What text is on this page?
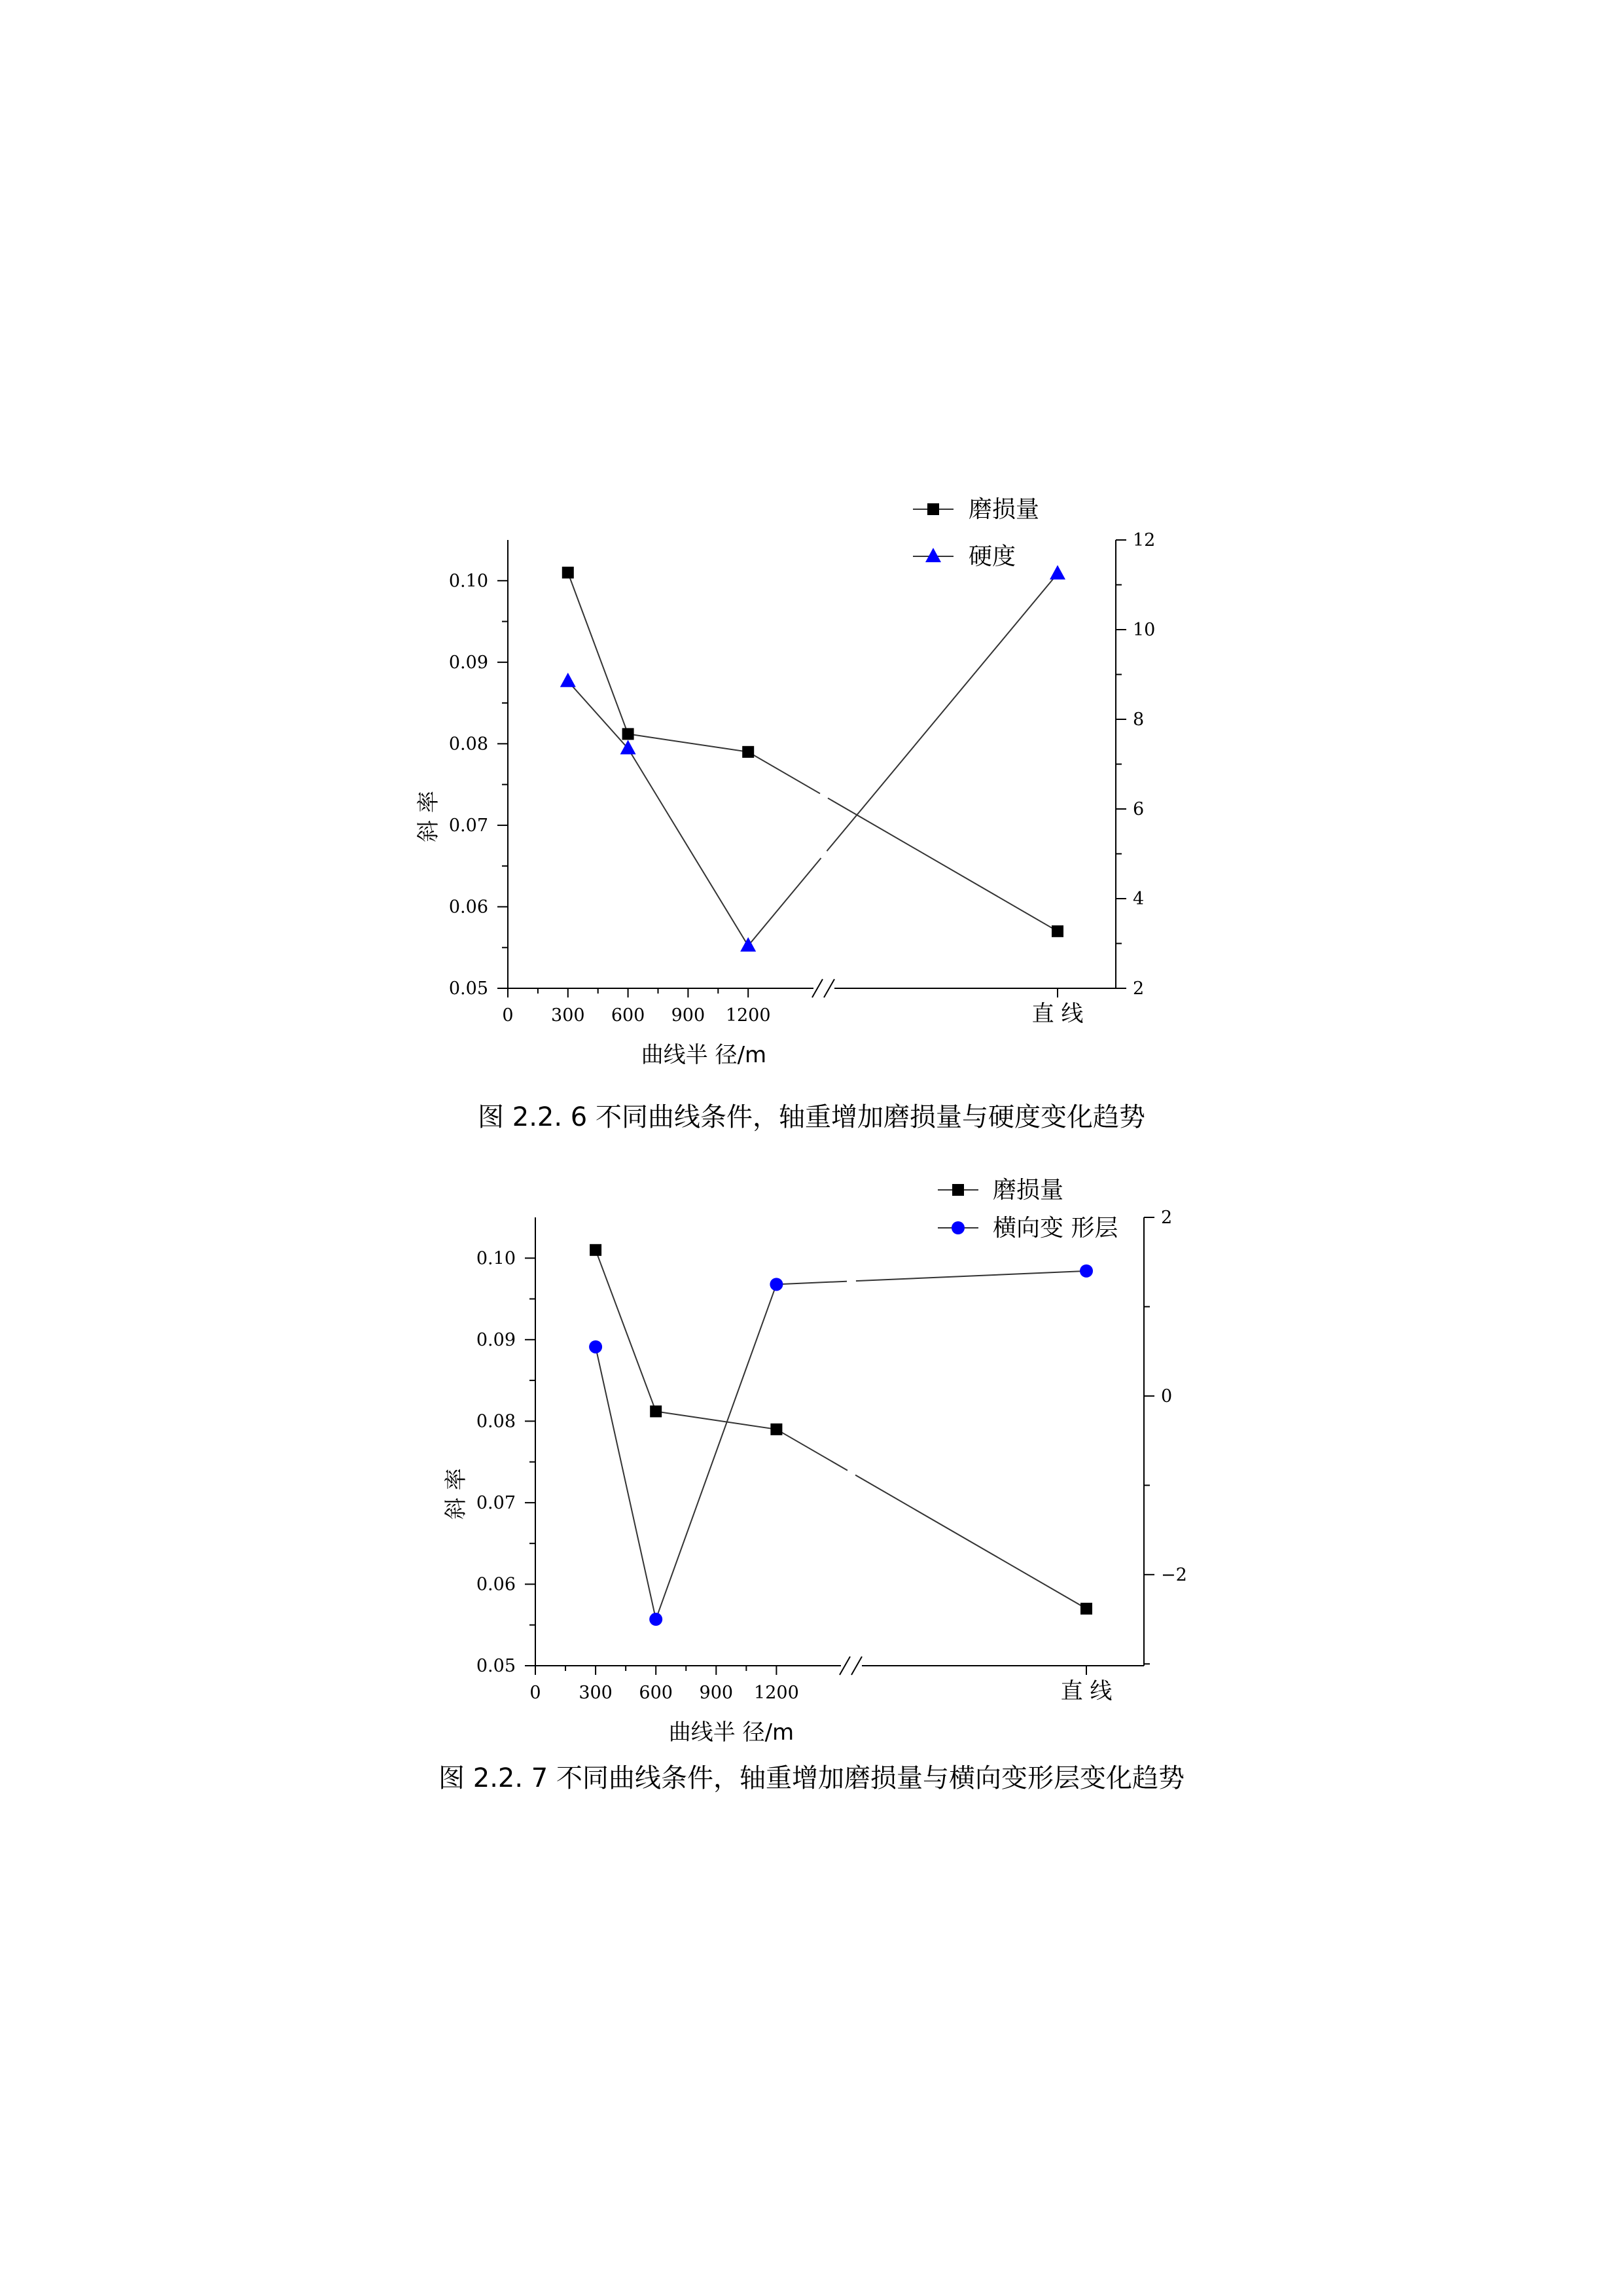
图 2.2. 6 不同曲线条件，轴重增加磨损量与硬度变化趋势
0.05
0.06
0.07
0.08
0.09
0.10
2
4
6
8
10
12
0 300 600 900 1200	直 线
曲线半 径/m
斜 率
磨损量
硬度
图 2.2. 7 不同曲线条件，轴重增加磨损量与横向变形层变化趋势
0.05
0.06
0.07
0.08
0.09
0.10
2
0
−2
0 300 600 900 1200	直 线
曲线半 径/m
斜 率
磨损量
横向变 形层
